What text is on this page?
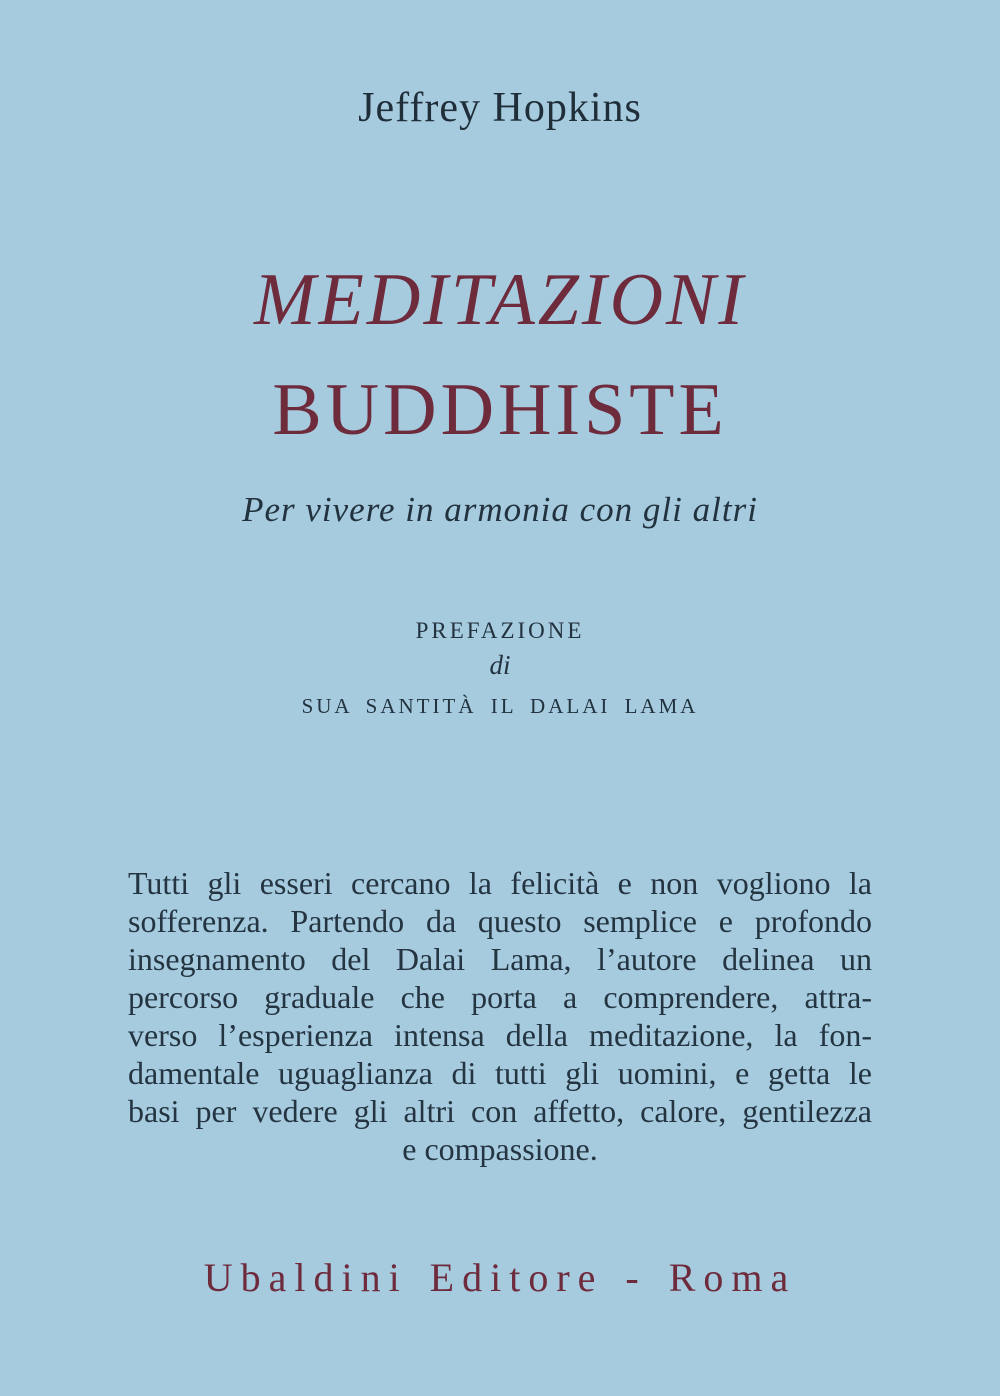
Jeffrey Hopkins
MEDITAZIONI
BUDDHISTE
Per vivere in armonia con gli altri
PREFAZIONE
di
SUA SANTITÀ IL DALAI LAMA
Tutti gli esseri cercano la felicità e non vogliono la
sofferenza. Partendo da questo semplice e profondo
insegnamento del Dalai Lama, l’autore delinea un
percorso graduale che porta a comprendere, attra-
verso l’esperienza intensa della meditazione, la fon-
damentale uguaglianza di tutti gli uomini, e getta le
basi per vedere gli altri con affetto, calore, gentilezza
e compassione.
Ubaldini Editore - Roma
